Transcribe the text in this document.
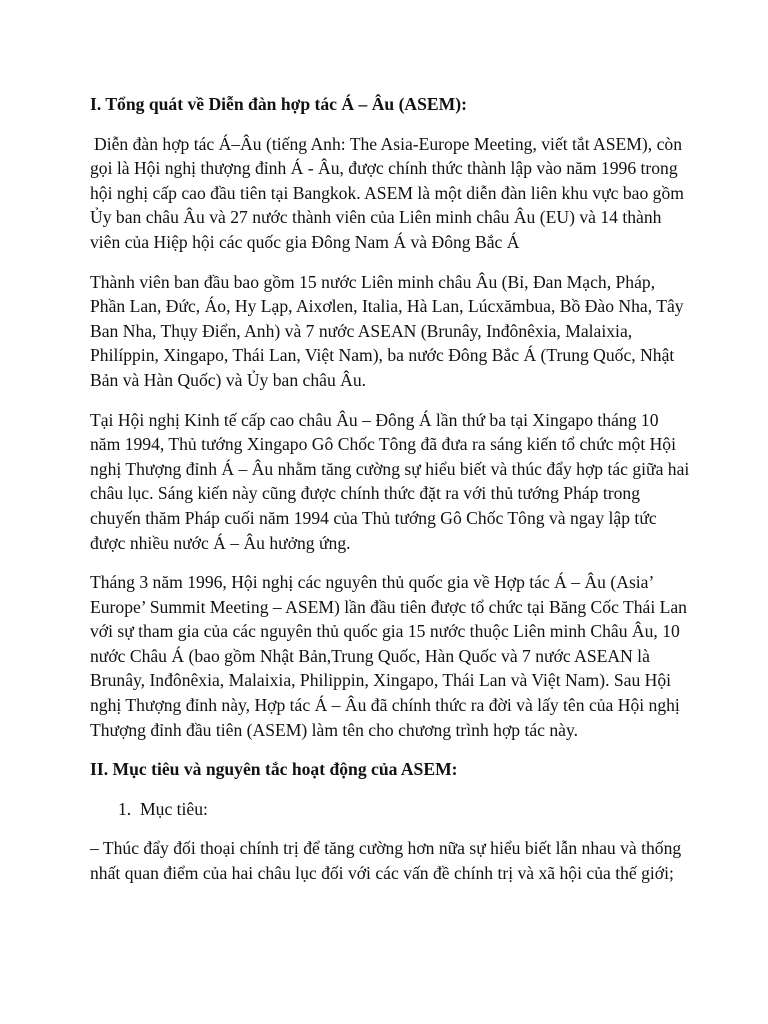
I. Tổng quát về Diễn đàn hợp tác Á – Âu (ASEM):

Diễn đàn hợp tác Á–Âu (tiếng Anh: The Asia-Europe Meeting, viết tắt ASEM), còn gọi là Hội nghị thượng đỉnh Á - Âu, được chính thức thành lập vào năm 1996 trong hội nghị cấp cao đầu tiên tại Bangkok. ASEM là một diễn đàn liên khu vực bao gồm Ủy ban châu Âu và 27 nước thành viên của Liên minh châu Âu (EU) và 14 thành viên của Hiệp hội các quốc gia Đông Nam Á và Đông Bắc Á

Thành viên ban đầu bao gồm 15 nước Liên minh châu Âu (Bỉ, Đan Mạch, Pháp, Phần Lan, Đức, Áo, Hy Lạp, Aixơlen, Italia, Hà Lan, Lúcxămbua, Bồ Đào Nha, Tây Ban Nha, Thụy Điển, Anh) và 7 nước ASEAN (Brunây, Inđônêxia, Malaixia, Philíppin, Xingapo, Thái Lan, Việt Nam), ba nước Đông Bắc Á (Trung Quốc, Nhật Bản và Hàn Quốc) và Ủy ban châu Âu.

Tại Hội nghị Kinh tế cấp cao châu Âu – Đông Á lần thứ ba tại Xingapo tháng 10 năm 1994, Thủ tướng Xingapo Gô Chốc Tông đã đưa ra sáng kiến tổ chức một Hội nghị Thượng đỉnh Á – Âu nhằm tăng cường sự hiểu biết và thúc đẩy hợp tác giữa hai châu lục. Sáng kiến này cũng được chính thức đặt ra với thủ tướng Pháp trong chuyến thăm Pháp cuối năm 1994 của Thủ tướng Gô Chốc Tông và ngay lập tức được nhiều nước Á – Âu hưởng ứng.

Tháng 3 năm 1996, Hội nghị các nguyên thủ quốc gia về Hợp tác Á – Âu (Asia’ Europe’ Summit Meeting – ASEM) lần đầu tiên được tổ chức tại Băng Cốc Thái Lan với sự tham gia của các nguyên thủ quốc gia 15 nước thuộc Liên minh Châu Âu, 10 nước Châu Á (bao gồm Nhật Bản,Trung Quốc, Hàn Quốc và 7 nước ASEAN là Brunây, Inđônêxia, Malaixia, Philippin, Xingapo, Thái Lan và Việt Nam). Sau Hội nghị Thượng đỉnh này, Hợp tác Á – Âu đã chính thức ra đời và lấy tên của Hội nghị Thượng đỉnh đầu tiên (ASEM) làm tên cho chương trình hợp tác này.

II. Mục tiêu và nguyên tắc hoạt động của ASEM:

1. Mục tiêu:

– Thúc đẩy đối thoại chính trị để tăng cường hơn nữa sự hiểu biết lẫn nhau và thống nhất quan điểm của hai châu lục đối với các vấn đề chính trị và xã hội của thế giới;
